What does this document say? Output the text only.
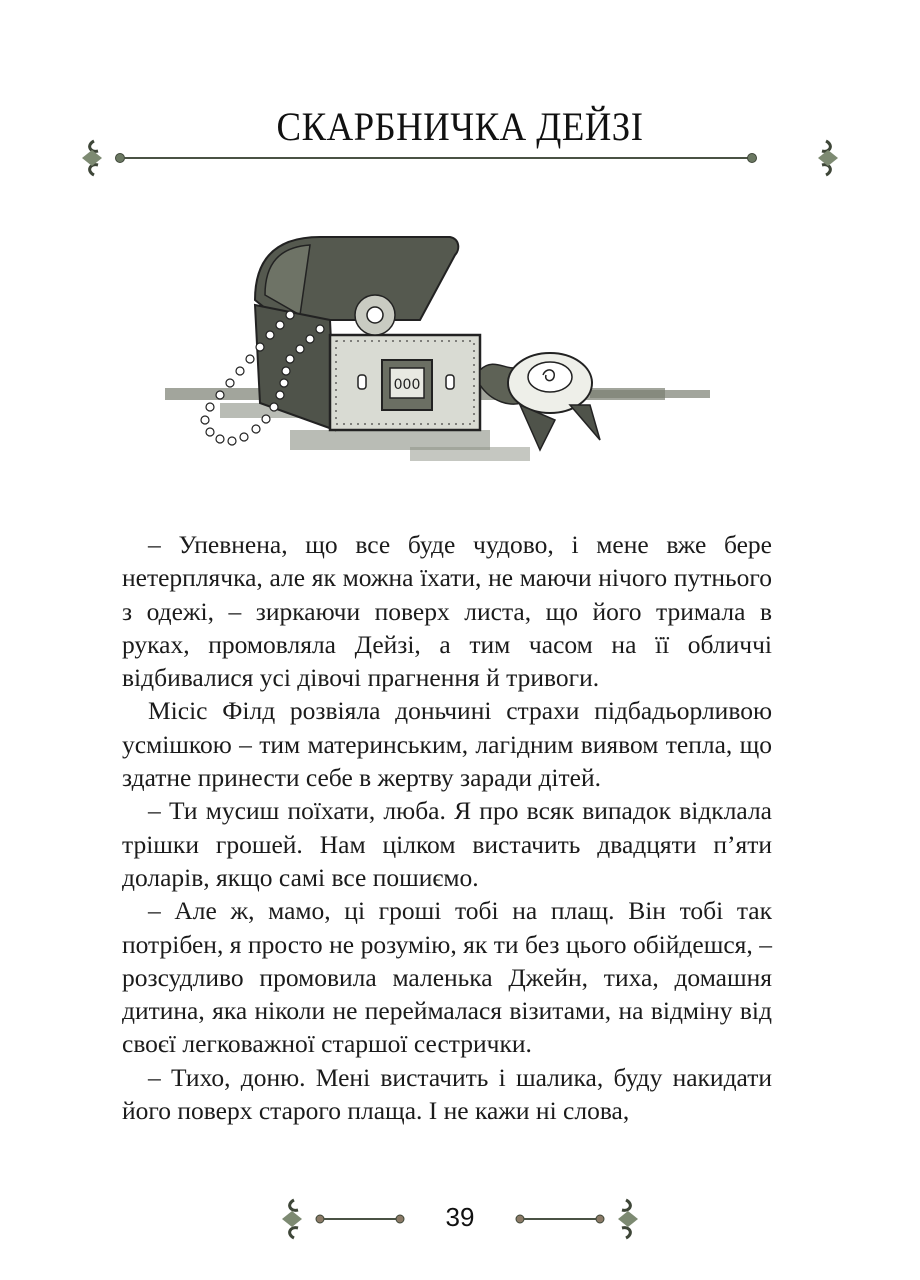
СКАРБНИЧКА ДЕЙЗІ
000

– Упевнена, що все буде чудово, і мене вже бере нетерплячка, але як можна їхати, не маючи нічого путнього з одежі, – зиркаючи поверх листа, що його тримала в руках, промовляла Дейзі, а тим часом на її обличчі відбивалися усі дівочі прагнення й тривоги.

Місіс Філд розвіяла доньчині страхи підбадьорливою усмішкою – тим материнським, лагідним виявом тепла, що здатне принести себе в жертву заради дітей.

– Ти мусиш поїхати, люба. Я про всяк випадок відклала трішки грошей. Нам цілком вистачить двадцяти п’яти доларів, якщо самі все пошиємо.

– Але ж, мамо, ці гроші тобі на плащ. Він тобі так потрібен, я просто не розумію, як ти без цього обійдешся, – розсудливо промовила маленька Джейн, тиха, домашня дитина, яка ніколи не переймалася візитами, на відміну від своєї легковажної старшої сестрички.

– Тихо, доню. Мені вистачить і шалика, буду накидати його поверх старого плаща. І не кажи ні слова,

39
